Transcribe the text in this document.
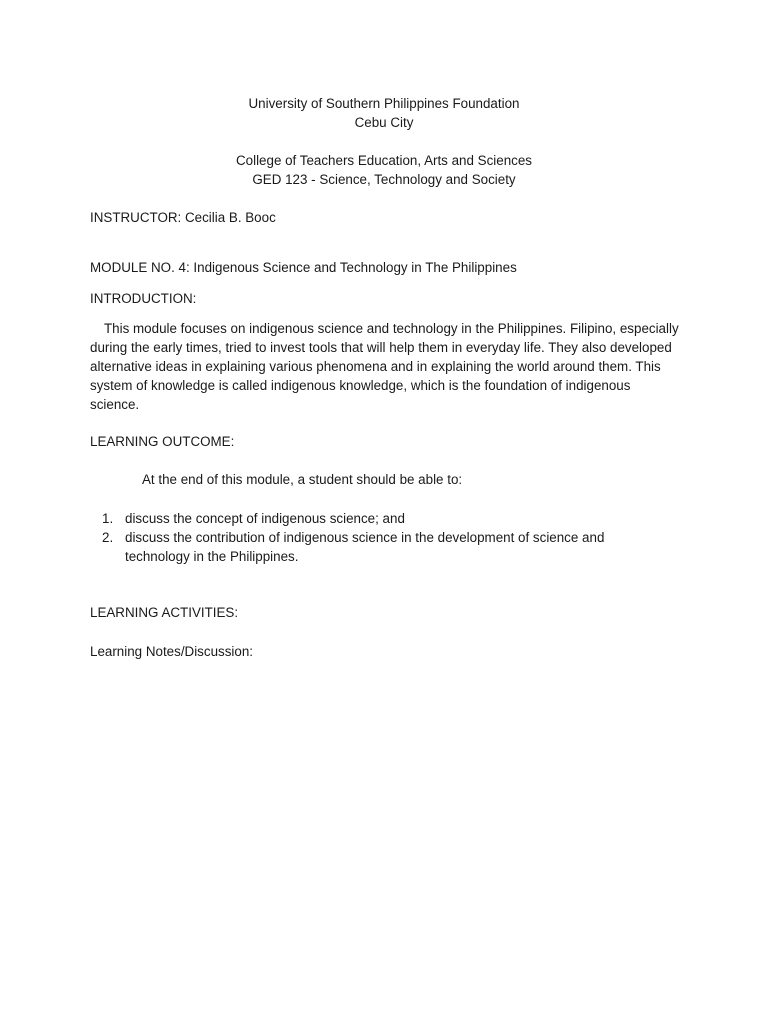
University of Southern Philippines Foundation
Cebu City
College of Teachers Education, Arts and Sciences
GED 123 - Science, Technology and Society
INSTRUCTOR: Cecilia B. Booc
MODULE NO. 4: Indigenous Science and Technology in The Philippines
INTRODUCTION:
This module focuses on indigenous science and technology in the Philippines. Filipino, especially during the early times, tried to invest tools that will help them in everyday life. They also developed alternative ideas in explaining various phenomena and in explaining the world around them. This system of knowledge is called indigenous knowledge, which is the foundation of indigenous science.
LEARNING OUTCOME:
At the end of this module, a student should be able to:
1. discuss the concept of indigenous science; and
2. discuss the contribution of indigenous science in the development of science and technology in the Philippines.
LEARNING ACTIVITIES:
Learning Notes/Discussion:
